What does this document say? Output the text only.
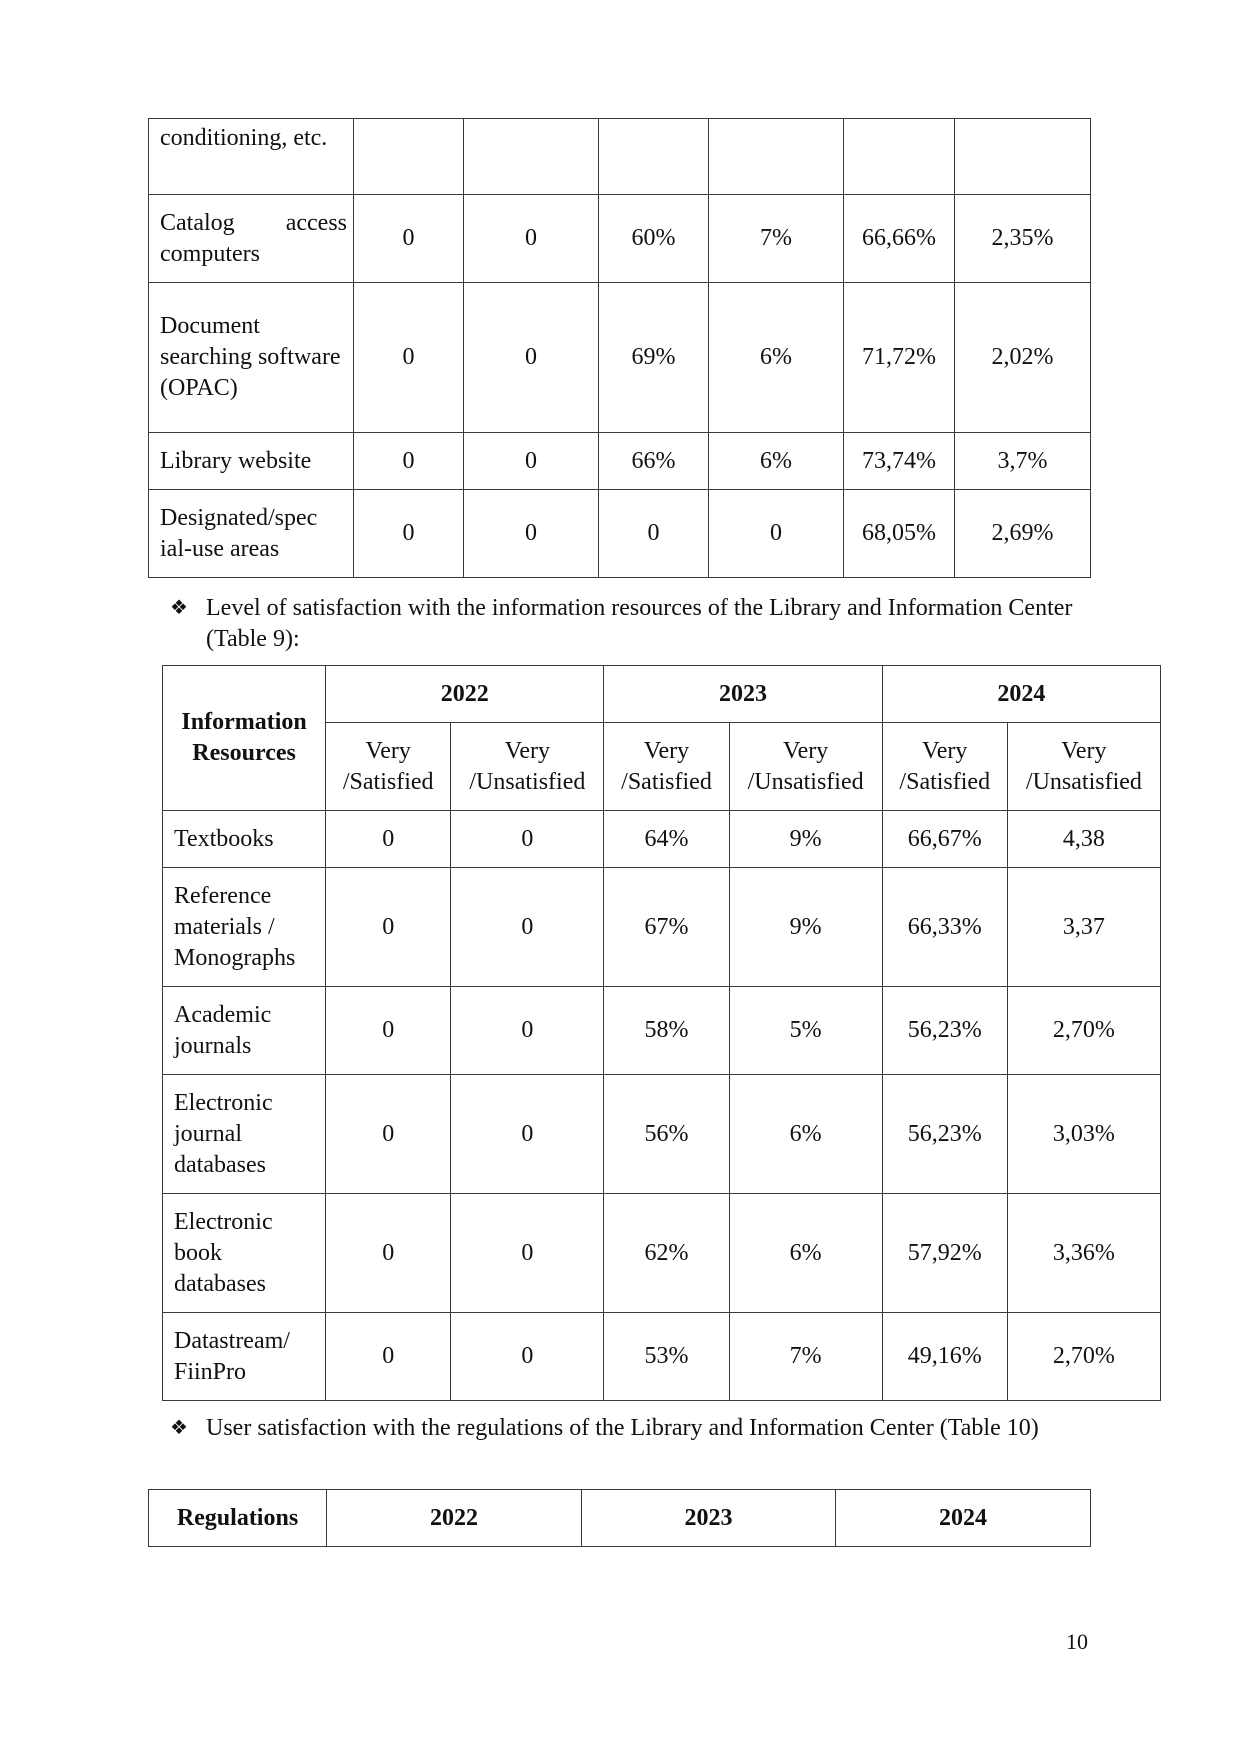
conditioning, etc.						
Catalog access computers	0	0	60%	7%	66,66%	2,35%
Document searching software (OPAC)	0	0	69%	6%	71,72%	2,02%
Library website	0	0	66%	6%	73,74%	3,7%
Designated/spec ial-use areas	0	0	0	0	68,05%	2,69%
❖ Level of satisfaction with the information resources of the Library and Information Center (Table 9):
Information Resources	2022		2023		2024	
	Very /Satisfied	Very /Unsatisfied	Very /Satisfied	Very /Unsatisfied	Very /Satisfied	Very /Unsatisfied
Textbooks	0	0	64%	9%	66,67%	4,38
Reference materials / Monographs	0	0	67%	9%	66,33%	3,37
Academic journals	0	0	58%	5%	56,23%	2,70%
Electronic journal databases	0	0	56%	6%	56,23%	3,03%
Electronic book databases	0	0	62%	6%	57,92%	3,36%
Datastream/ FiinPro	0	0	53%	7%	49,16%	2,70%
❖ User satisfaction with the regulations of the Library and Information Center (Table 10)
Regulations	2022	2023	2024
10
